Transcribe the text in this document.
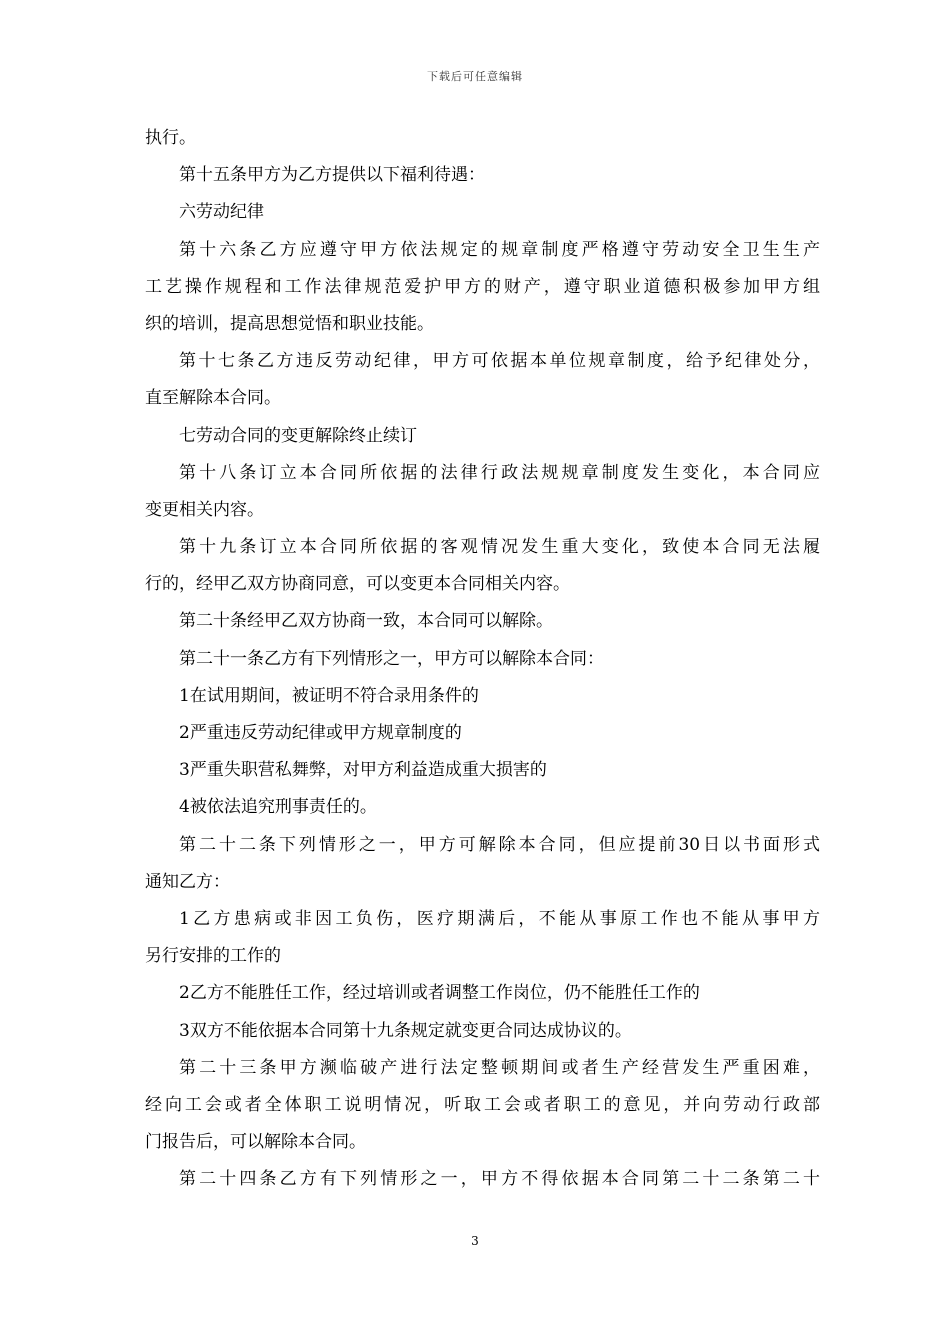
下载后可任意编辑
执行。
第十五条甲方为乙方提供以下福利待遇：
六劳动纪律
第十六条乙方应遵守甲方依法规定的规章制度严格遵守劳动安全卫生生产
工艺操作规程和工作法律规范爱护甲方的财产，遵守职业道德积极参加甲方组
织的培训，提高思想觉悟和职业技能。
第十七条乙方违反劳动纪律，甲方可依据本单位规章制度，给予纪律处分，
直至解除本合同。
七劳动合同的变更解除终止续订
第十八条订立本合同所依据的法律行政法规规章制度发生变化，本合同应
变更相关内容。
第十九条订立本合同所依据的客观情况发生重大变化，致使本合同无法履
行的，经甲乙双方协商同意，可以变更本合同相关内容。
第二十条经甲乙双方协商一致，本合同可以解除。
第二十一条乙方有下列情形之一，甲方可以解除本合同：
1在试用期间，被证明不符合录用条件的
2严重违反劳动纪律或甲方规章制度的
3严重失职营私舞弊，对甲方利益造成重大损害的
4被依法追究刑事责任的。
第二十二条下列情形之一，甲方可解除本合同，但应提前30日以书面形式
通知乙方：
1乙方患病或非因工负伤，医疗期满后，不能从事原工作也不能从事甲方
另行安排的工作的
2乙方不能胜任工作，经过培训或者调整工作岗位，仍不能胜任工作的
3双方不能依据本合同第十九条规定就变更合同达成协议的。
第二十三条甲方濒临破产进行法定整顿期间或者生产经营发生严重困难，
经向工会或者全体职工说明情况，听取工会或者职工的意见，并向劳动行政部
门报告后，可以解除本合同。
第二十四条乙方有下列情形之一，甲方不得依据本合同第二十二条第二十
3
